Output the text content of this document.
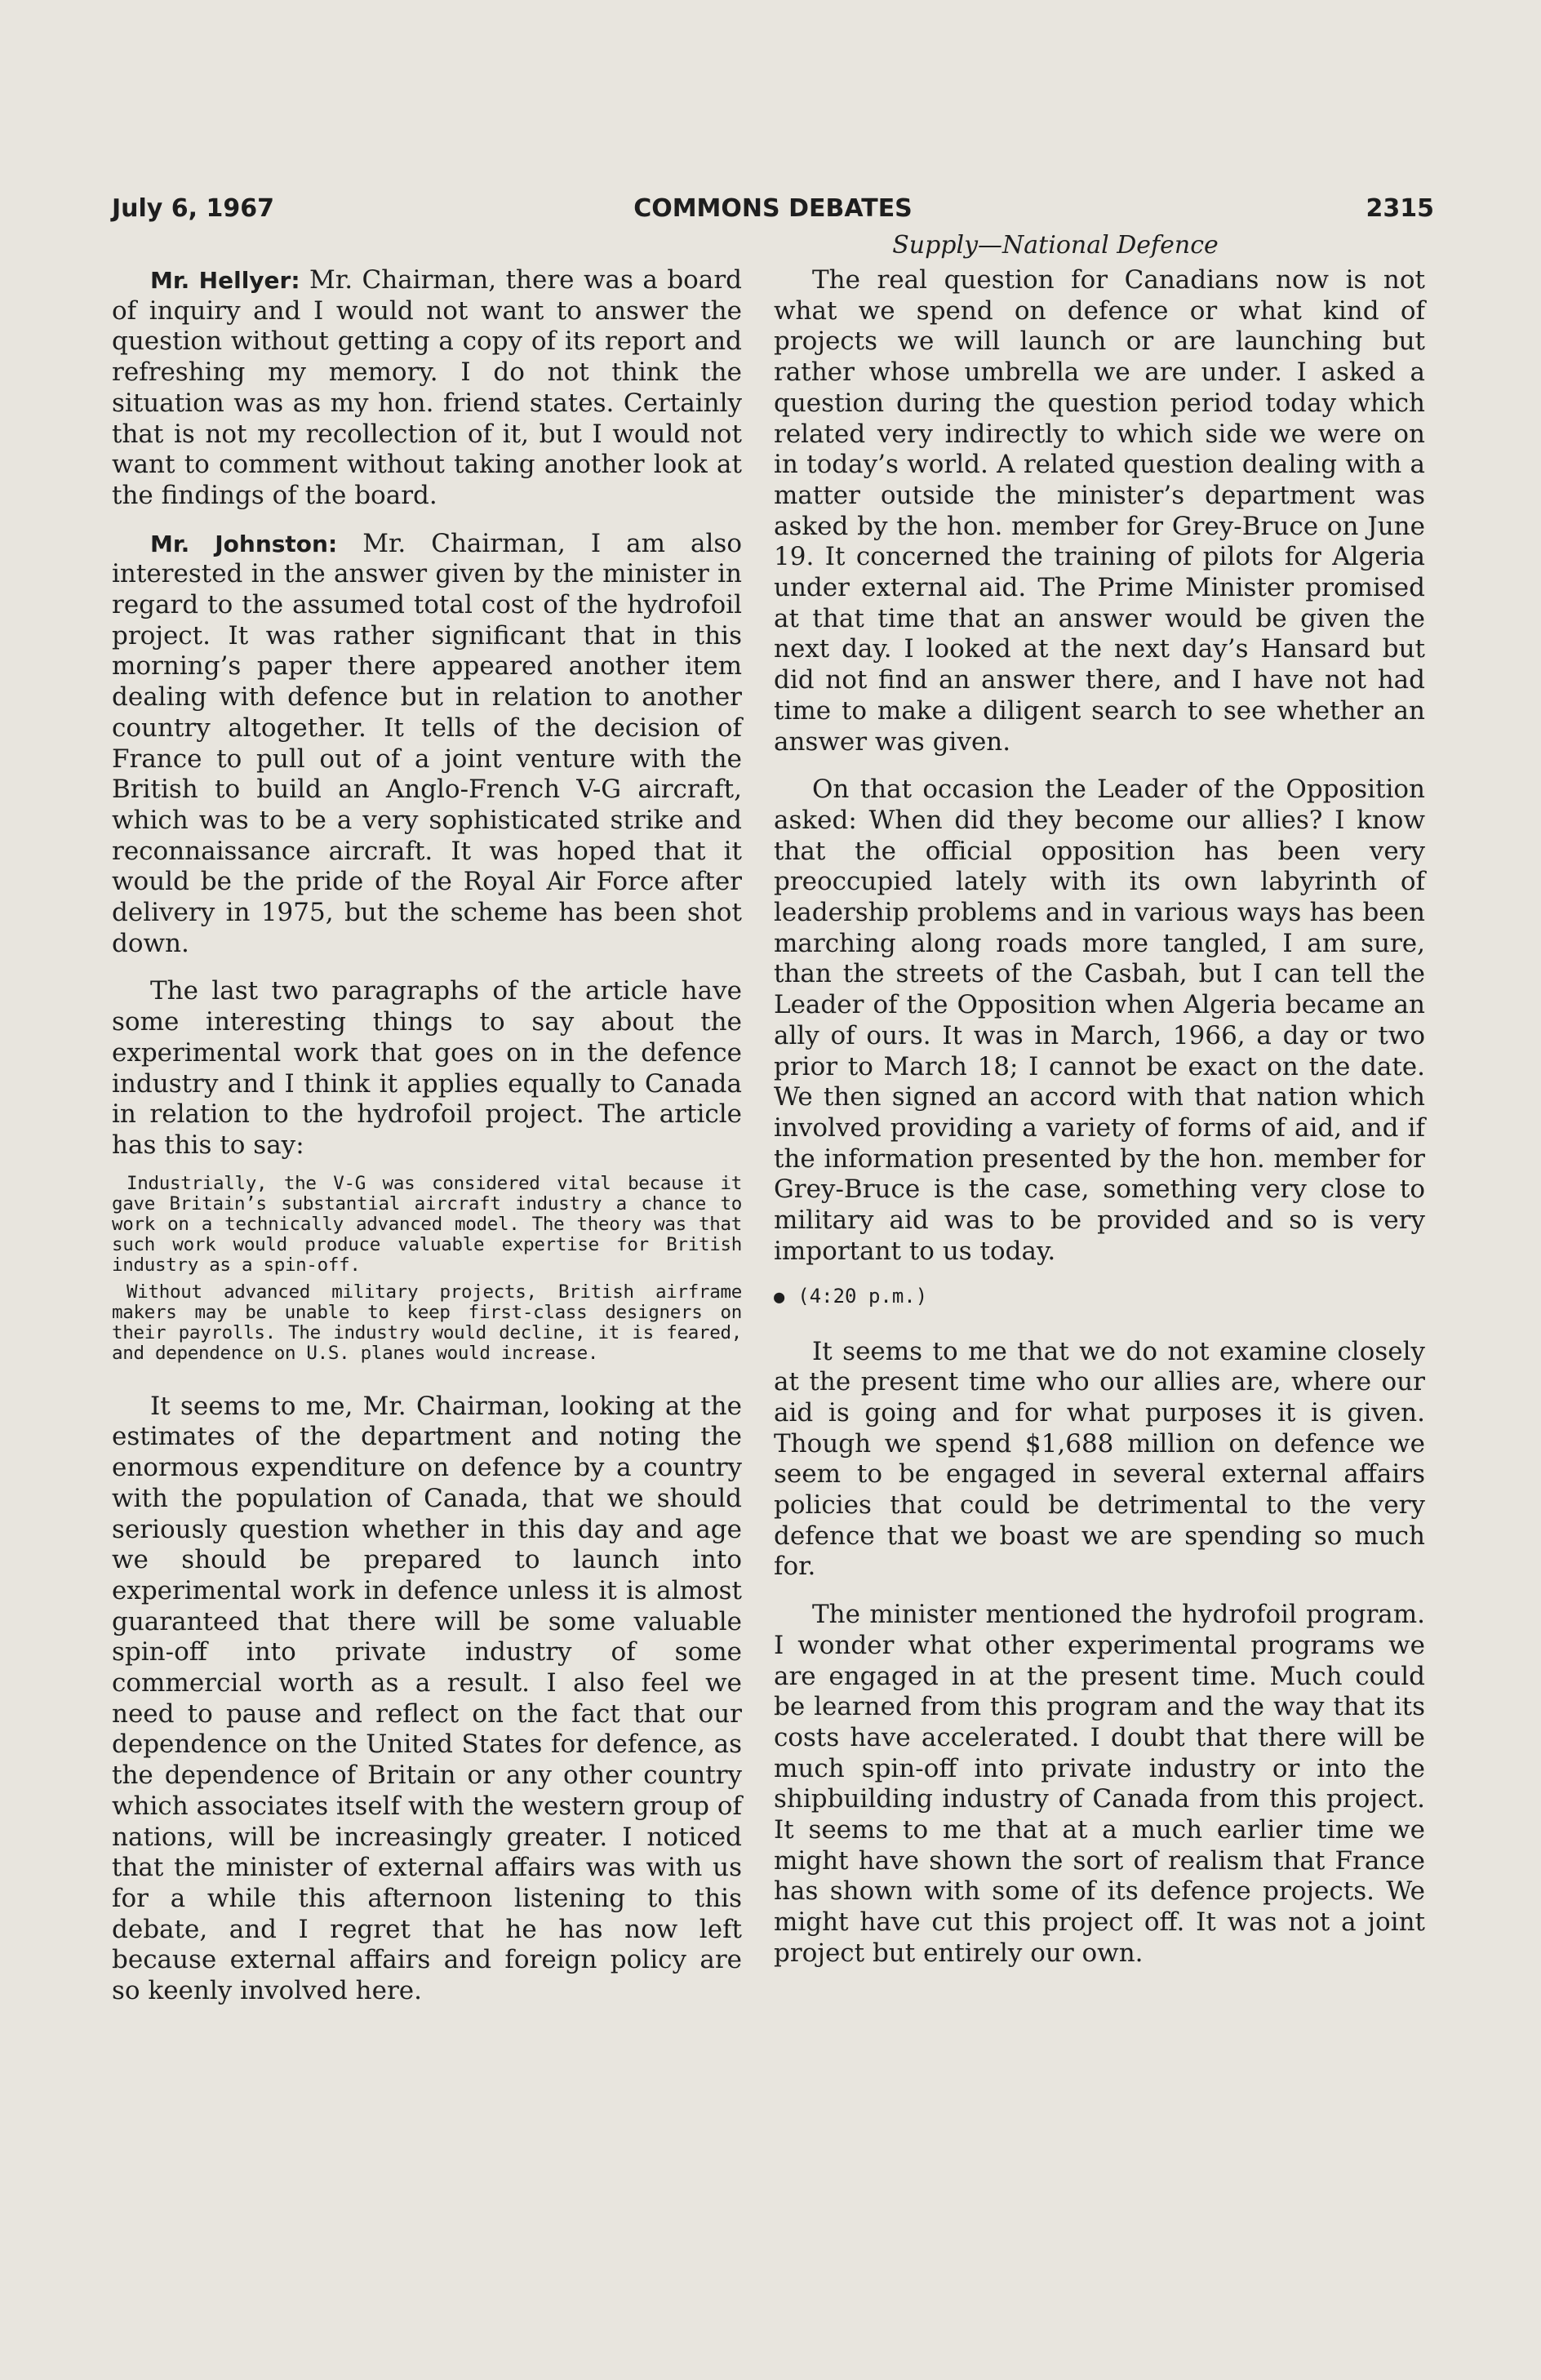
July 6, 1967	COMMONS DEBATES	2315
Supply—National Defence

Mr. Hellyer: Mr. Chairman, there was a board of inquiry and I would not want to answer the question without getting a copy of its report and refreshing my memory. I do not think the situation was as my hon. friend states. Certainly that is not my recollection of it, but I would not want to comment without taking another look at the findings of the board.

Mr. Johnston: Mr. Chairman, I am also interested in the answer given by the minister in regard to the assumed total cost of the hydrofoil project. It was rather significant that in this morning’s paper there appeared another item dealing with defence but in relation to another country altogether. It tells of the decision of France to pull out of a joint venture with the British to build an Anglo-French V-G aircraft, which was to be a very sophisticated strike and reconnaissance aircraft. It was hoped that it would be the pride of the Royal Air Force after delivery in 1975, but the scheme has been shot down.

The last two paragraphs of the article have some interesting things to say about the experimental work that goes on in the defence industry and I think it applies equally to Canada in relation to the hydrofoil project. The article has this to say:

Industrially, the V-G was considered vital because it gave Britain’s substantial aircraft industry a chance to work on a technically advanced model. The theory was that such work would produce valuable expertise for British industry as a spin-off.

Without advanced military projects, British airframe makers may be unable to keep first-class designers on their payrolls. The industry would decline, it is feared, and dependence on U.S. planes would increase.

It seems to me, Mr. Chairman, looking at the estimates of the department and noting the enormous expenditure on defence by a country with the population of Canada, that we should seriously question whether in this day and age we should be prepared to launch into experimental work in defence unless it is almost guaranteed that there will be some valuable spin-off into private industry of some commercial worth as a result. I also feel we need to pause and reflect on the fact that our dependence on the United States for defence, as the dependence of Britain or any other country which associates itself with the western group of nations, will be increasingly greater. I noticed that the minister of external affairs was with us for a while this afternoon listening to this debate, and I regret that he has now left because external affairs and foreign policy are so keenly involved here.

The real question for Canadians now is not what we spend on defence or what kind of projects we will launch or are launching but rather whose umbrella we are under. I asked a question during the question period today which related very indirectly to which side we were on in today’s world. A related question dealing with a matter outside the minister’s department was asked by the hon. member for Grey-Bruce on June 19. It concerned the training of pilots for Algeria under external aid. The Prime Minister promised at that time that an answer would be given the next day. I looked at the next day’s Hansard but did not find an answer there, and I have not had time to make a diligent search to see whether an answer was given.

On that occasion the Leader of the Opposition asked: When did they become our allies? I know that the official opposition has been very preoccupied lately with its own labyrinth of leadership problems and in various ways has been marching along roads more tangled, I am sure, than the streets of the Casbah, but I can tell the Leader of the Opposition when Algeria became an ally of ours. It was in March, 1966, a day or two prior to March 18; I cannot be exact on the date. We then signed an accord with that nation which involved providing a variety of forms of aid, and if the information presented by the hon. member for Grey-Bruce is the case, something very close to military aid was to be provided and so is very important to us today.

● (4:20 p.m.)

It seems to me that we do not examine closely at the present time who our allies are, where our aid is going and for what purposes it is given. Though we spend $1,688 million on defence we seem to be engaged in several external affairs policies that could be detrimental to the very defence that we boast we are spending so much for.

The minister mentioned the hydrofoil program. I wonder what other experimental programs we are engaged in at the present time. Much could be learned from this program and the way that its costs have accelerated. I doubt that there will be much spin-off into private industry or into the shipbuilding industry of Canada from this project. It seems to me that at a much earlier time we might have shown the sort of realism that France has shown with some of its defence projects. We might have cut this project off. It was not a joint project but entirely our own.
